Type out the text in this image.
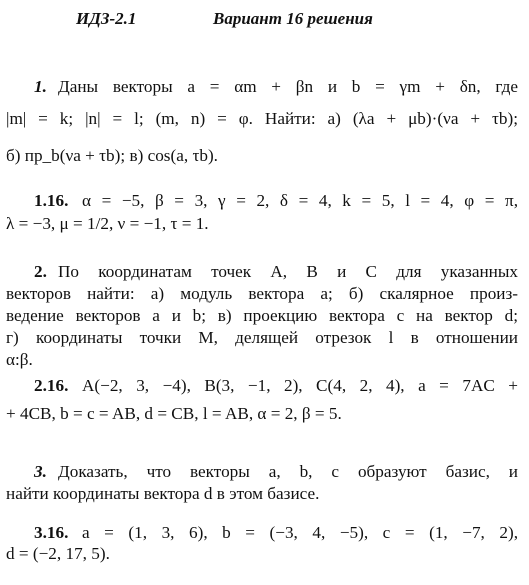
ИДЗ-2.1	Вариант 16 решения
1. Даны векторы a = αm + βn и b = γm + δn, где
|m| = k; |n| = l; (m, n) = φ. Найти: а) (λa + μb)·(νa + τb);
б) пр_b(νa + τb); в) cos(a, τb).
1.16. α = −5, β = 3, γ = 2, δ = 4, k = 5, l = 4, φ = π,
λ = −3, μ = 1/2, ν = −1, τ = 1.
2. По координатам точек A, B и C для указанных
векторов найти: а) модуль вектора a; б) скалярное произ-
ведение векторов a и b; в) проекцию вектора c на вектор d;
г) координаты точки M, делящей отрезок l в отношении
α:β.
2.16. A(−2, 3, −4), B(3, −1, 2), C(4, 2, 4), a = 7AC +
+ 4CB, b = c = AB, d = CB, l = AB, α = 2, β = 5.
3. Доказать, что векторы a, b, c образуют базис, и
найти координаты вектора d в этом базисе.
3.16. a = (1, 3, 6), b = (−3, 4, −5), c = (1, −7, 2),
d = (−2, 17, 5).
